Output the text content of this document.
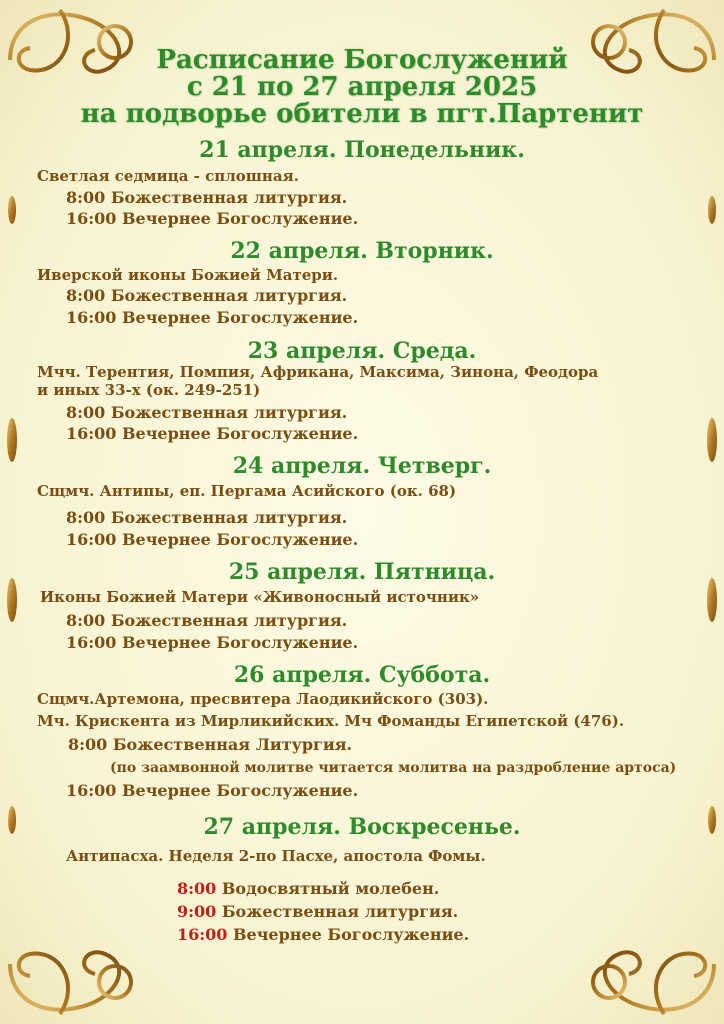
Расписание Богослужений
с 21 по 27 апреля 2025
на подворье обители в пгт.Партенит
21 апреля. Понедельник.
Светлая седмица - сплошная.
8:00 Божественная литургия.
16:00 Вечернее Богослужение.
22 апреля. Вторник.
Иверской иконы Божией Матери.
8:00 Божественная литургия.
16:00 Вечернее Богослужение.
23 апреля. Среда.
Мчч. Терентия, Помпия, Африкана, Максима, Зинона, Феодора
и иных 33-х (ок. 249-251)
8:00 Божественная литургия.
16:00 Вечернее Богослужение.
24 апреля. Четверг.
Сщмч. Антипы, еп. Пергама Асийского (ок. 68)
8:00 Божественная литургия.
16:00 Вечернее Богослужение.
25 апреля. Пятница.
Иконы Божией Матери «Живоносный источник»
8:00 Божественная литургия.
16:00 Вечернее Богослужение.
26 апреля. Суббота.
Сщмч.Артемона, пресвитера Лаодикийского (303).
Мч. Крискента из Мирликийских. Мч Фоманды Египетской (476).
8:00 Божественная Литургия.
(по заамвонной молитве читается молитва на раздробление артоса)
16:00 Вечернее Богослужение.
27 апреля. Воскресенье.
Антипасха. Неделя 2-по Пасхе, апостола Фомы.
8:00 Водосвятный молебен.
9:00 Божественная литургия.
16:00 Вечернее Богослужение.
